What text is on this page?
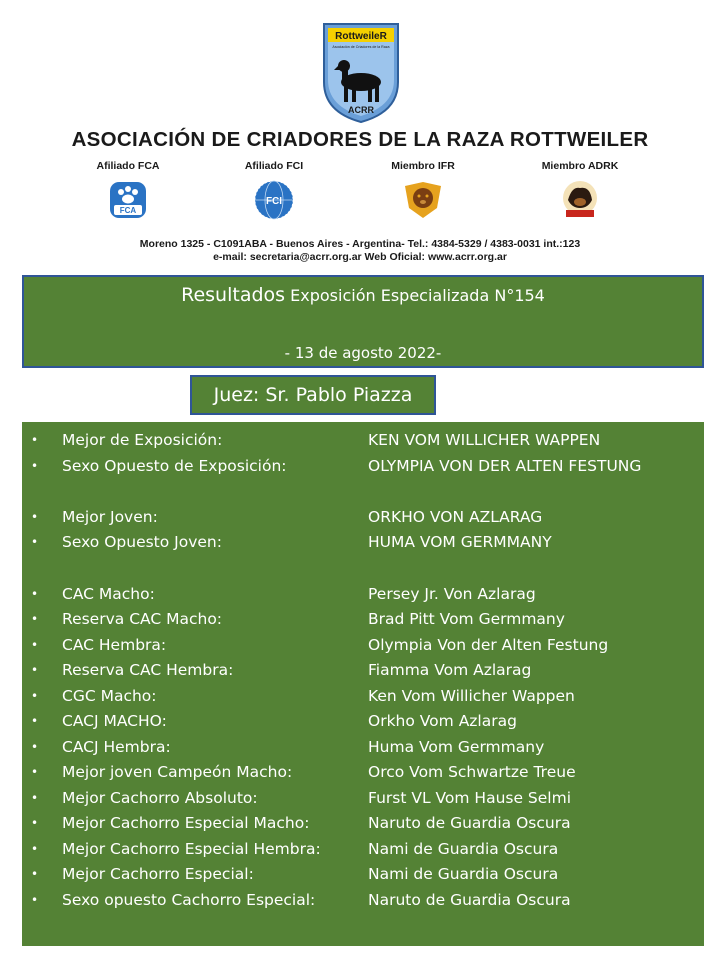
RottweileR
Asociación de Criadores de la Raza
ACRR
ASOCIACIÓN DE CRIADORES DE LA RAZA ROTTWEILER
Afiliado FCA
FCA
Afiliado FCI
FCI
Miembro IFR	Miembro ADRK
Moreno 1325 - C1091ABA - Buenos Aires - Argentina- Tel.: 4384-5329 / 4383-0031 int.:123
e-mail: secretaria@acrr.org.ar Web Oficial: www.acrr.org.ar
Resultados Exposición Especializada N°154
- 13 de agosto 2022-
Juez: Sr. Pablo Piazza
• Mejor de Exposición:	KEN VOM WILLICHER WAPPEN
• Sexo Opuesto de Exposición:	OLYMPIA VON DER ALTEN FESTUNG
• Mejor Joven:	ORKHO VON AZLARAG
• Sexo Opuesto Joven:	HUMA VOM GERMMANY
• CAC Macho:	Persey Jr. Von Azlarag
• Reserva CAC Macho:	Brad Pitt Vom Germmany
• CAC Hembra:	Olympia Von der Alten Festung
• Reserva CAC Hembra:	Fiamma Vom Azlarag
• CGC Macho:	Ken Vom Willicher Wappen
• CACJ MACHO:	Orkho Vom Azlarag
• CACJ Hembra:	Huma Vom Germmany
• Mejor joven Campeón Macho:	Orco Vom Schwartze Treue
• Mejor Cachorro Absoluto:	Furst VL Vom Hause Selmi
• Mejor Cachorro Especial Macho:	Naruto de Guardia Oscura
• Mejor Cachorro Especial Hembra:	Nami de Guardia Oscura
• Mejor Cachorro Especial:	Nami de Guardia Oscura
• Sexo opuesto Cachorro Especial:	Naruto de Guardia Oscura
